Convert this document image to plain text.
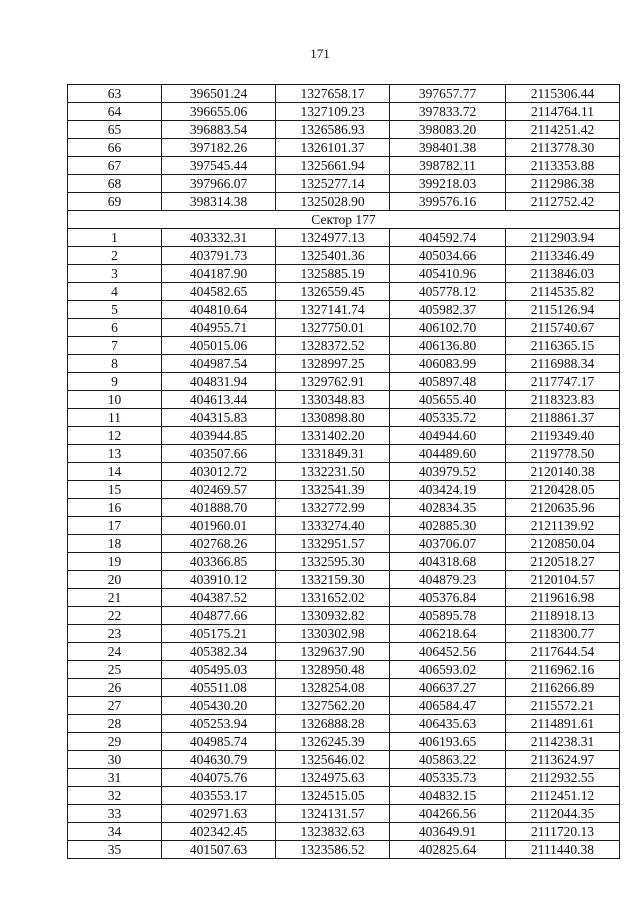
171
63	396501.24	1327658.17	397657.77	2115306.44
64	396655.06	1327109.23	397833.72	2114764.11
65	396883.54	1326586.93	398083.20	2114251.42
66	397182.26	1326101.37	398401.38	2113778.30
67	397545.44	1325661.94	398782.11	2113353.88
68	397966.07	1325277.14	399218.03	2112986.38
69	398314.38	1325028.90	399576.16	2112752.42
Сектор 177				
1	403332.31	1324977.13	404592.74	2112903.94
2	403791.73	1325401.36	405034.66	2113346.49
3	404187.90	1325885.19	405410.96	2113846.03
4	404582.65	1326559.45	405778.12	2114535.82
5	404810.64	1327141.74	405982.37	2115126.94
6	404955.71	1327750.01	406102.70	2115740.67
7	405015.06	1328372.52	406136.80	2116365.15
8	404987.54	1328997.25	406083.99	2116988.34
9	404831.94	1329762.91	405897.48	2117747.17
10	404613.44	1330348.83	405655.40	2118323.83
11	404315.83	1330898.80	405335.72	2118861.37
12	403944.85	1331402.20	404944.60	2119349.40
13	403507.66	1331849.31	404489.60	2119778.50
14	403012.72	1332231.50	403979.52	2120140.38
15	402469.57	1332541.39	403424.19	2120428.05
16	401888.70	1332772.99	402834.35	2120635.96
17	401960.01	1333274.40	402885.30	2121139.92
18	402768.26	1332951.57	403706.07	2120850.04
19	403366.85	1332595.30	404318.68	2120518.27
20	403910.12	1332159.30	404879.23	2120104.57
21	404387.52	1331652.02	405376.84	2119616.98
22	404877.66	1330932.82	405895.78	2118918.13
23	405175.21	1330302.98	406218.64	2118300.77
24	405382.34	1329637.90	406452.56	2117644.54
25	405495.03	1328950.48	406593.02	2116962.16
26	405511.08	1328254.08	406637.27	2116266.89
27	405430.20	1327562.20	406584.47	2115572.21
28	405253.94	1326888.28	406435.63	2114891.61
29	404985.74	1326245.39	406193.65	2114238.31
30	404630.79	1325646.02	405863.22	2113624.97
31	404075.76	1324975.63	405335.73	2112932.55
32	403553.17	1324515.05	404832.15	2112451.12
33	402971.63	1324131.57	404266.56	2112044.35
34	402342.45	1323832.63	403649.91	2111720.13
35	401507.63	1323586.52	402825.64	2111440.38
